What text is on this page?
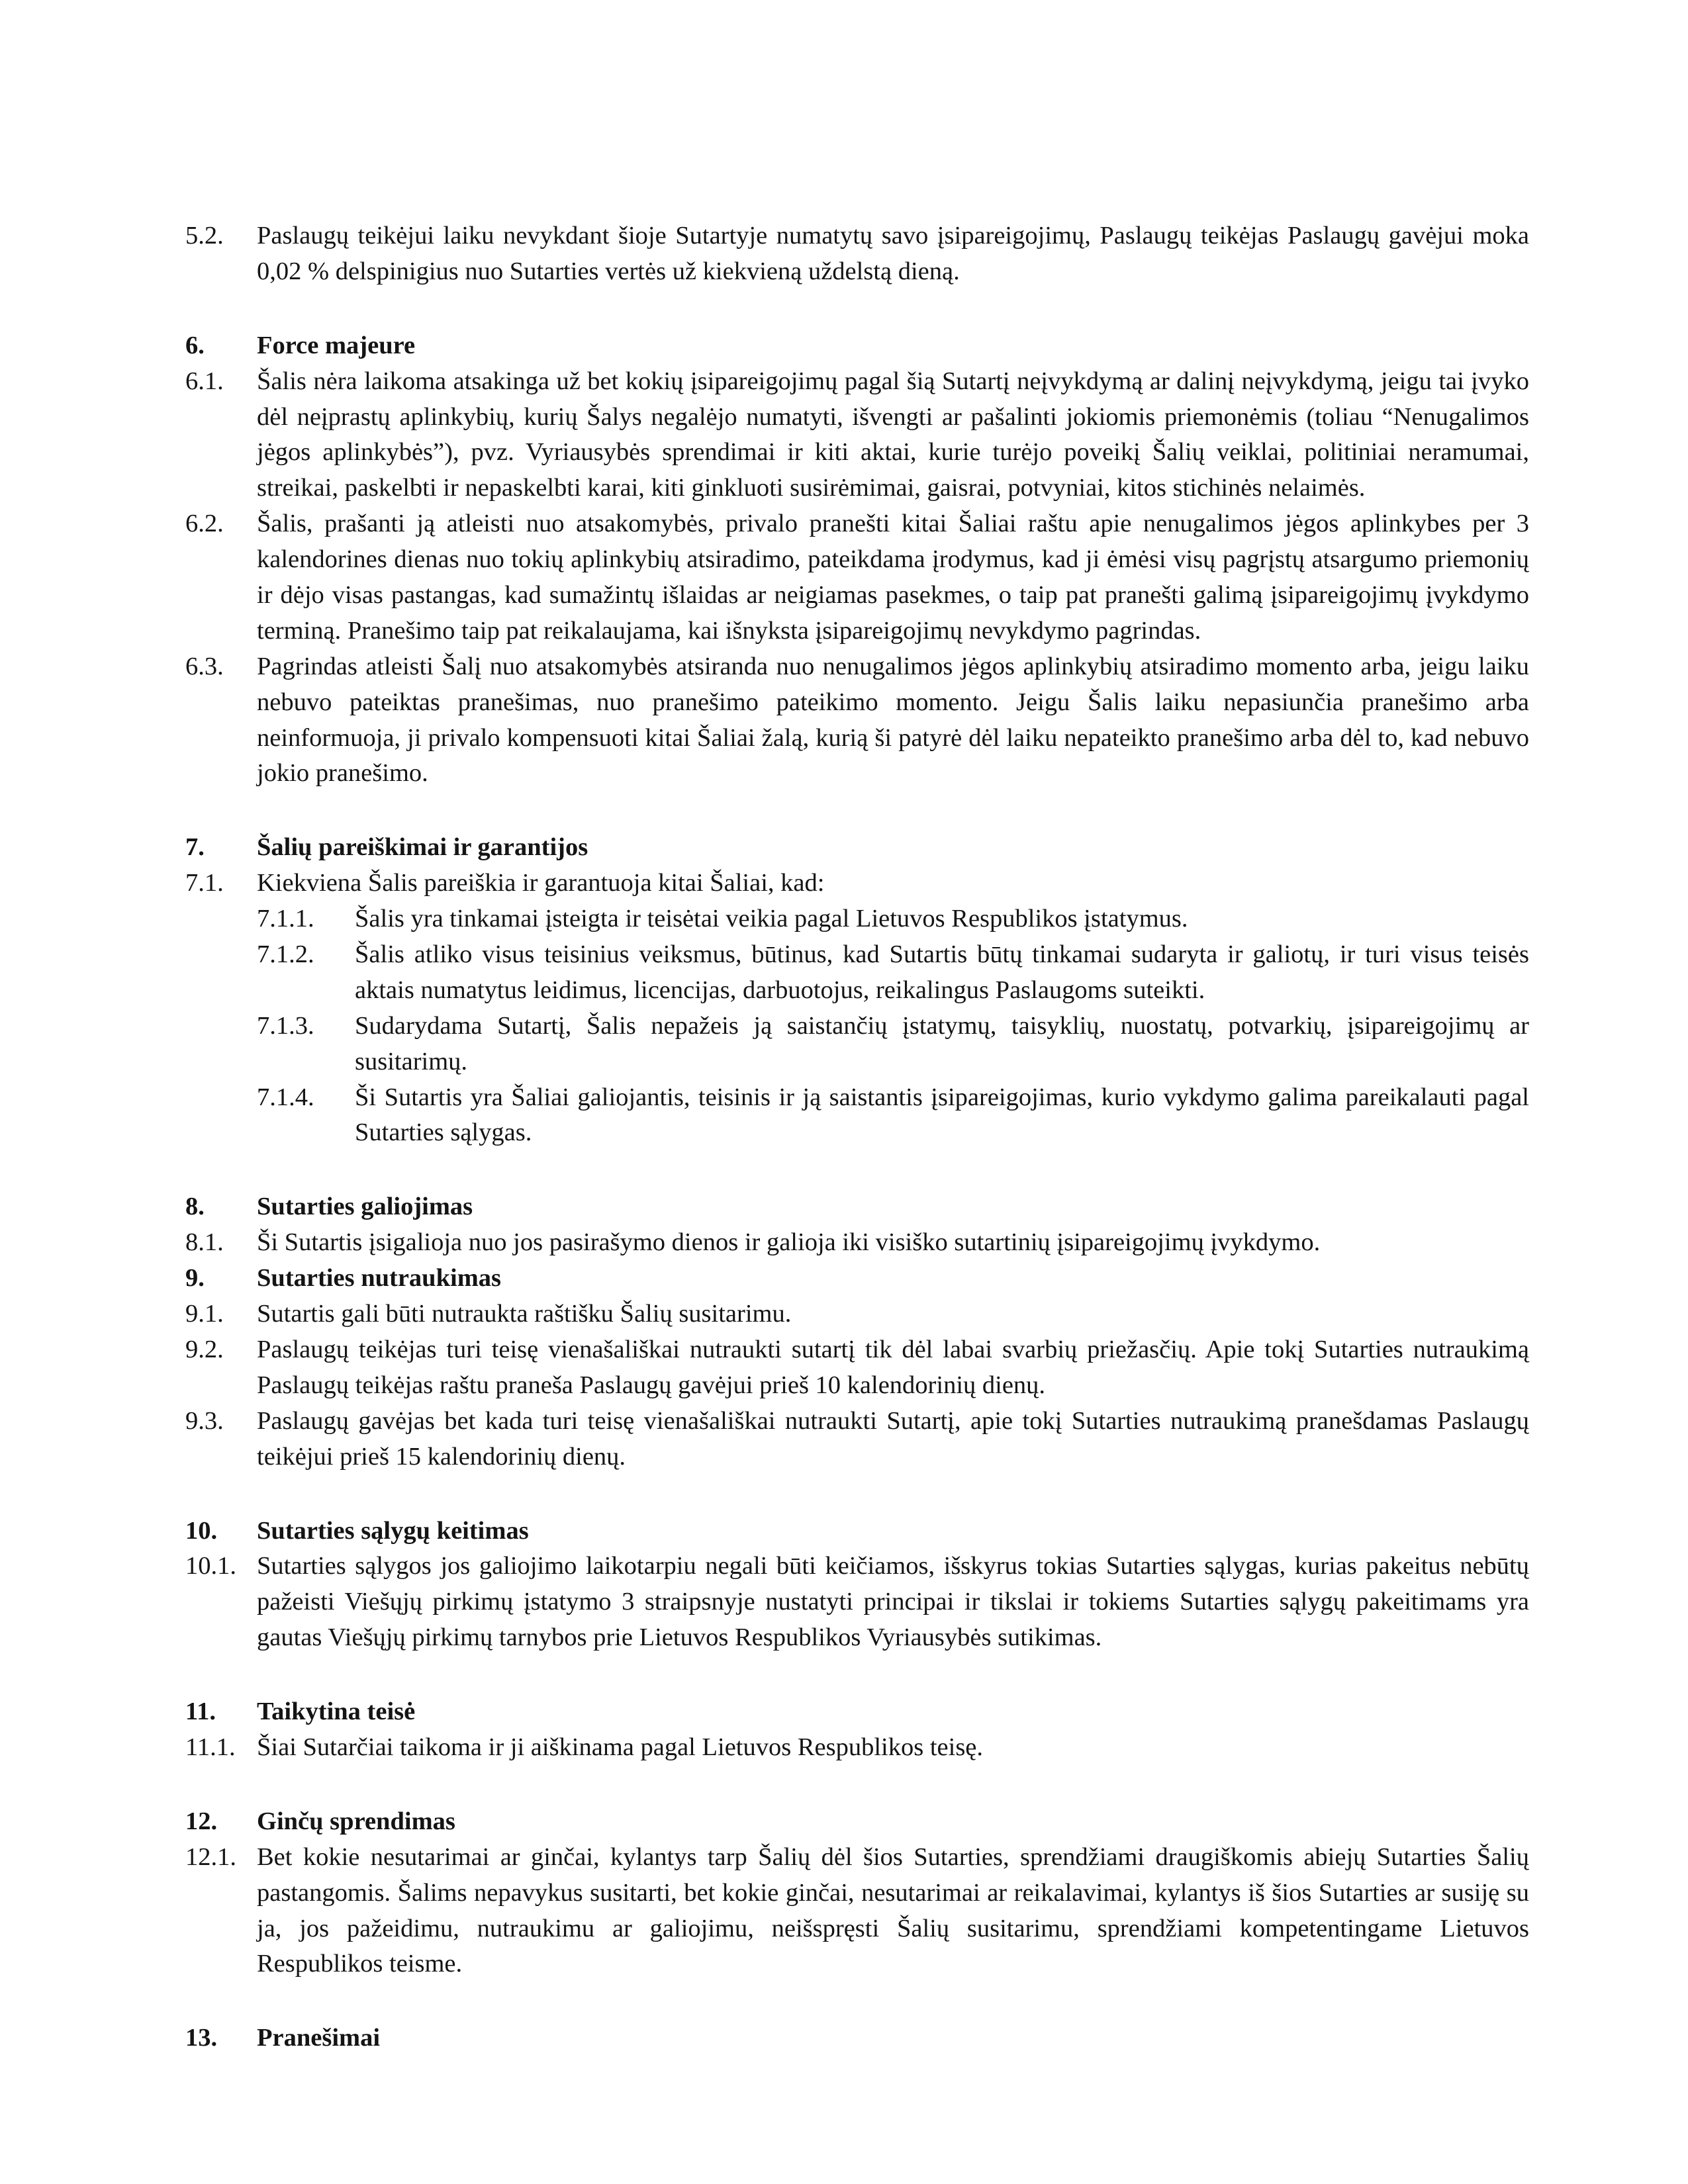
5.2.	Paslaugų teikėjui laiku nevykdant šioje Sutartyje numatytų savo įsipareigojimų, Paslaugų teikėjas Paslaugų gavėjui moka 0,02 % delspinigius nuo Sutarties vertės už kiekvieną uždelstą dieną.
6.	Force majeure
6.1.	Šalis nėra laikoma atsakinga už bet kokių įsipareigojimų pagal šią Sutartį neįvykdymą ar dalinį neįvykdymą, jeigu tai įvyko dėl neįprastų aplinkybių, kurių Šalys negalėjo numatyti, išvengti ar pašalinti jokiomis priemonėmis (toliau “Nenugalimos jėgos aplinkybės”), pvz. Vyriausybės sprendimai ir kiti aktai, kurie turėjo poveikį Šalių veiklai, politiniai neramumai, streikai, paskelbti ir nepaskelbti karai, kiti ginkluoti susirėmimai, gaisrai, potvyniai, kitos stichinės nelaimės.
6.2.	Šalis, prašanti ją atleisti nuo atsakomybės, privalo pranešti kitai Šaliai raštu apie nenugalimos jėgos aplinkybes per 3 kalendorines dienas nuo tokių aplinkybių atsiradimo, pateikdama įrodymus, kad ji ėmėsi visų pagrįstų atsargumo priemonių ir dėjo visas pastangas, kad sumažintų išlaidas ar neigiamas pasekmes, o taip pat pranešti galimą įsipareigojimų įvykdymo terminą. Pranešimo taip pat reikalaujama, kai išnyksta įsipareigojimų nevykdymo pagrindas.
6.3.	Pagrindas atleisti Šalį nuo atsakomybės atsiranda nuo nenugalimos jėgos aplinkybių atsiradimo momento arba, jeigu laiku nebuvo pateiktas pranešimas, nuo pranešimo pateikimo momento. Jeigu Šalis laiku nepasiunčia pranešimo arba neinformuoja, ji privalo kompensuoti kitai Šaliai žalą, kurią ši patyrė dėl laiku nepateikto pranešimo arba dėl to, kad nebuvo jokio pranešimo.
7.	Šalių pareiškimai ir garantijos
7.1.	Kiekviena Šalis pareiškia ir garantuoja kitai Šaliai, kad:
7.1.1.	Šalis yra tinkamai įsteigta ir teisėtai veikia pagal Lietuvos Respublikos įstatymus.
7.1.2.	Šalis atliko visus teisinius veiksmus, būtinus, kad Sutartis būtų tinkamai sudaryta ir galiotų, ir turi visus teisės aktais numatytus leidimus, licencijas, darbuotojus, reikalingus Paslaugoms suteikti.
7.1.3.	Sudarydama Sutartį, Šalis nepažeis ją saistančių įstatymų, taisyklių, nuostatų, potvarkių, įsipareigojimų ar susitarimų.
7.1.4.	Ši Sutartis yra Šaliai galiojantis, teisinis ir ją saistantis įsipareigojimas, kurio vykdymo galima pareikalauti pagal Sutarties sąlygas.
8.	Sutarties galiojimas
8.1.	Ši Sutartis įsigalioja nuo jos pasirašymo dienos ir galioja iki visiško sutartinių įsipareigojimų įvykdymo.
9.	Sutarties nutraukimas
9.1.	Sutartis gali būti nutraukta raštišku Šalių susitarimu.
9.2.	Paslaugų teikėjas turi teisę vienašališkai nutraukti sutartį tik dėl labai svarbių priežasčių. Apie tokį Sutarties nutraukimą Paslaugų teikėjas raštu praneša Paslaugų gavėjui prieš 10 kalendorinių dienų.
9.3.	Paslaugų gavėjas bet kada turi teisę vienašališkai nutraukti Sutartį, apie tokį Sutarties nutraukimą pranešdamas Paslaugų teikėjui prieš 15 kalendorinių dienų.
10.	Sutarties sąlygų keitimas
10.1. Sutarties sąlygos jos galiojimo laikotarpiu negali būti keičiamos, išskyrus tokias Sutarties sąlygas, kurias pakeitus nebūtų pažeisti Viešųjų pirkimų įstatymo 3 straipsnyje nustatyti principai ir tikslai ir tokiems Sutarties sąlygų pakeitimams yra gautas Viešųjų pirkimų tarnybos prie Lietuvos Respublikos Vyriausybės sutikimas.
11.	Taikytina teisė
11.1. Šiai Sutarčiai taikoma ir ji aiškinama pagal Lietuvos Respublikos teisę.
12.	Ginčų sprendimas
12.1. Bet kokie nesutarimai ar ginčai, kylantys tarp Šalių dėl šios Sutarties, sprendžiami draugiškomis abiejų Sutarties Šalių pastangomis. Šalims nepavykus susitarti, bet kokie ginčai, nesutarimai ar reikalavimai, kylantys iš šios Sutarties ar susiję su ja, jos pažeidimu, nutraukimu ar galiojimu, neišspręsti Šalių susitarimu, sprendžiami kompetentingame Lietuvos Respublikos teisme.
13.	Pranešimai
